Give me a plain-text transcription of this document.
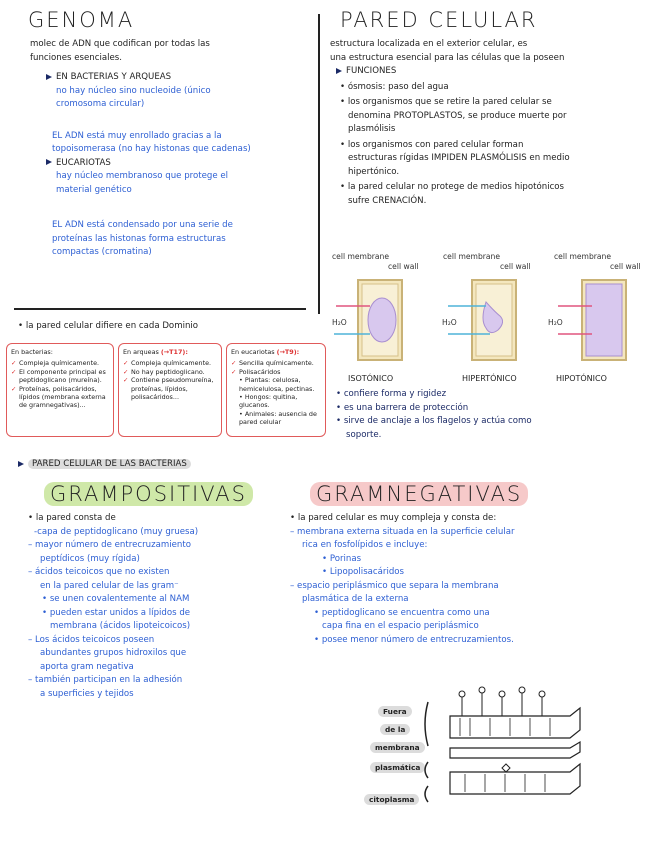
GENOMA
molec de ADN que codifican por todas las
funciones esenciales.
EN BACTERIAS Y ARQUEAS
no hay núcleo sino nucleoide (único
cromosoma circular)
EL ADN está muy enrollado gracias a la
topoisomerasa (no hay histonas que cadenas)
EUCARIOTAS
hay núcleo membranoso que protege el
material genético
EL ADN está condensado por una serie de
proteínas las histonas forma estructuras
compactas (cromatina)
PARED CELULAR
estructura localizada en el exterior celular, es
una estructura esencial para las células que la poseen
FUNCIONES
• ósmosis: paso del agua
• los organismos que se retire la pared celular se
denomina PROTOPLASTOS, se produce muerte por
plasmólisis
• los organismos con pared celular forman
estructuras rígidas IMPIDEN PLASMÓLISIS en medio
hipertónico.
• la pared celular no protege de medios hipotónicos
sufre CRENACIÓN.
cell membrane
cell wall
cell membrane
cell wall
cell membrane
cell wall
H₂O	H₂O	H₂O
ISOTÓNICO	HIPERTÓNICO	HIPOTÓNICO
• confiere forma y rigidez
• es una barrera de protección
• sirve de anclaje a los flagelos y actúa como
soporte.
• la pared celular difiere en cada Dominio
En bacterias:
✓ Compleja químicamente.
✓ El componente principal es peptidoglicano (mureína).
✓ Proteínas, polisacáridos, lípidos (membrana externa de gramnegativas)...
En arqueas (→T17):
✓ Compleja químicamente.
✓ No hay peptidoglicano.
✓ Contiene pseudomureína, proteínas, lípidos, polisacáridos...
En eucariotas (→T9):
✓ Sencilla químicamente.
✓ Polisacáridos
• Plantas: celulosa, hemicelulosa, pectinas.
• Hongos: quitina, glucanos.
• Animales: ausencia de pared celular
PARED CELULAR DE LAS BACTERIAS
GRAMPOSITIVAS
• la pared consta de
-capa de peptidoglicano (muy gruesa)
– mayor número de entrecruzamiento
peptídicos (muy rígida)
– ácidos teicoicos que no existen
en la pared celular de las gram⁻
• se unen covalentemente al NAM
• pueden estar unidos a lípidos de
membrana (ácidos lipoteicoicos)
– Los ácidos teicoicos poseen
abundantes grupos hidroxilos que
aporta gram negativa
– también participan en la adhesión
a superficies y tejidos
GRAMNEGATIVAS
• la pared celular es muy compleja y consta de:
– membrana externa situada en la superficie celular
rica en fosfolípidos e incluye:
• Porinas
• Lipopolisacáridos
– espacio periplásmico que separa la membrana
plasmática de la externa
• peptidoglicano se encuentra como una
capa fina en el espacio periplásmico
• posee menor número de entrecruzamientos.
Fuera
de la
membrana
plasmática
citoplasma
